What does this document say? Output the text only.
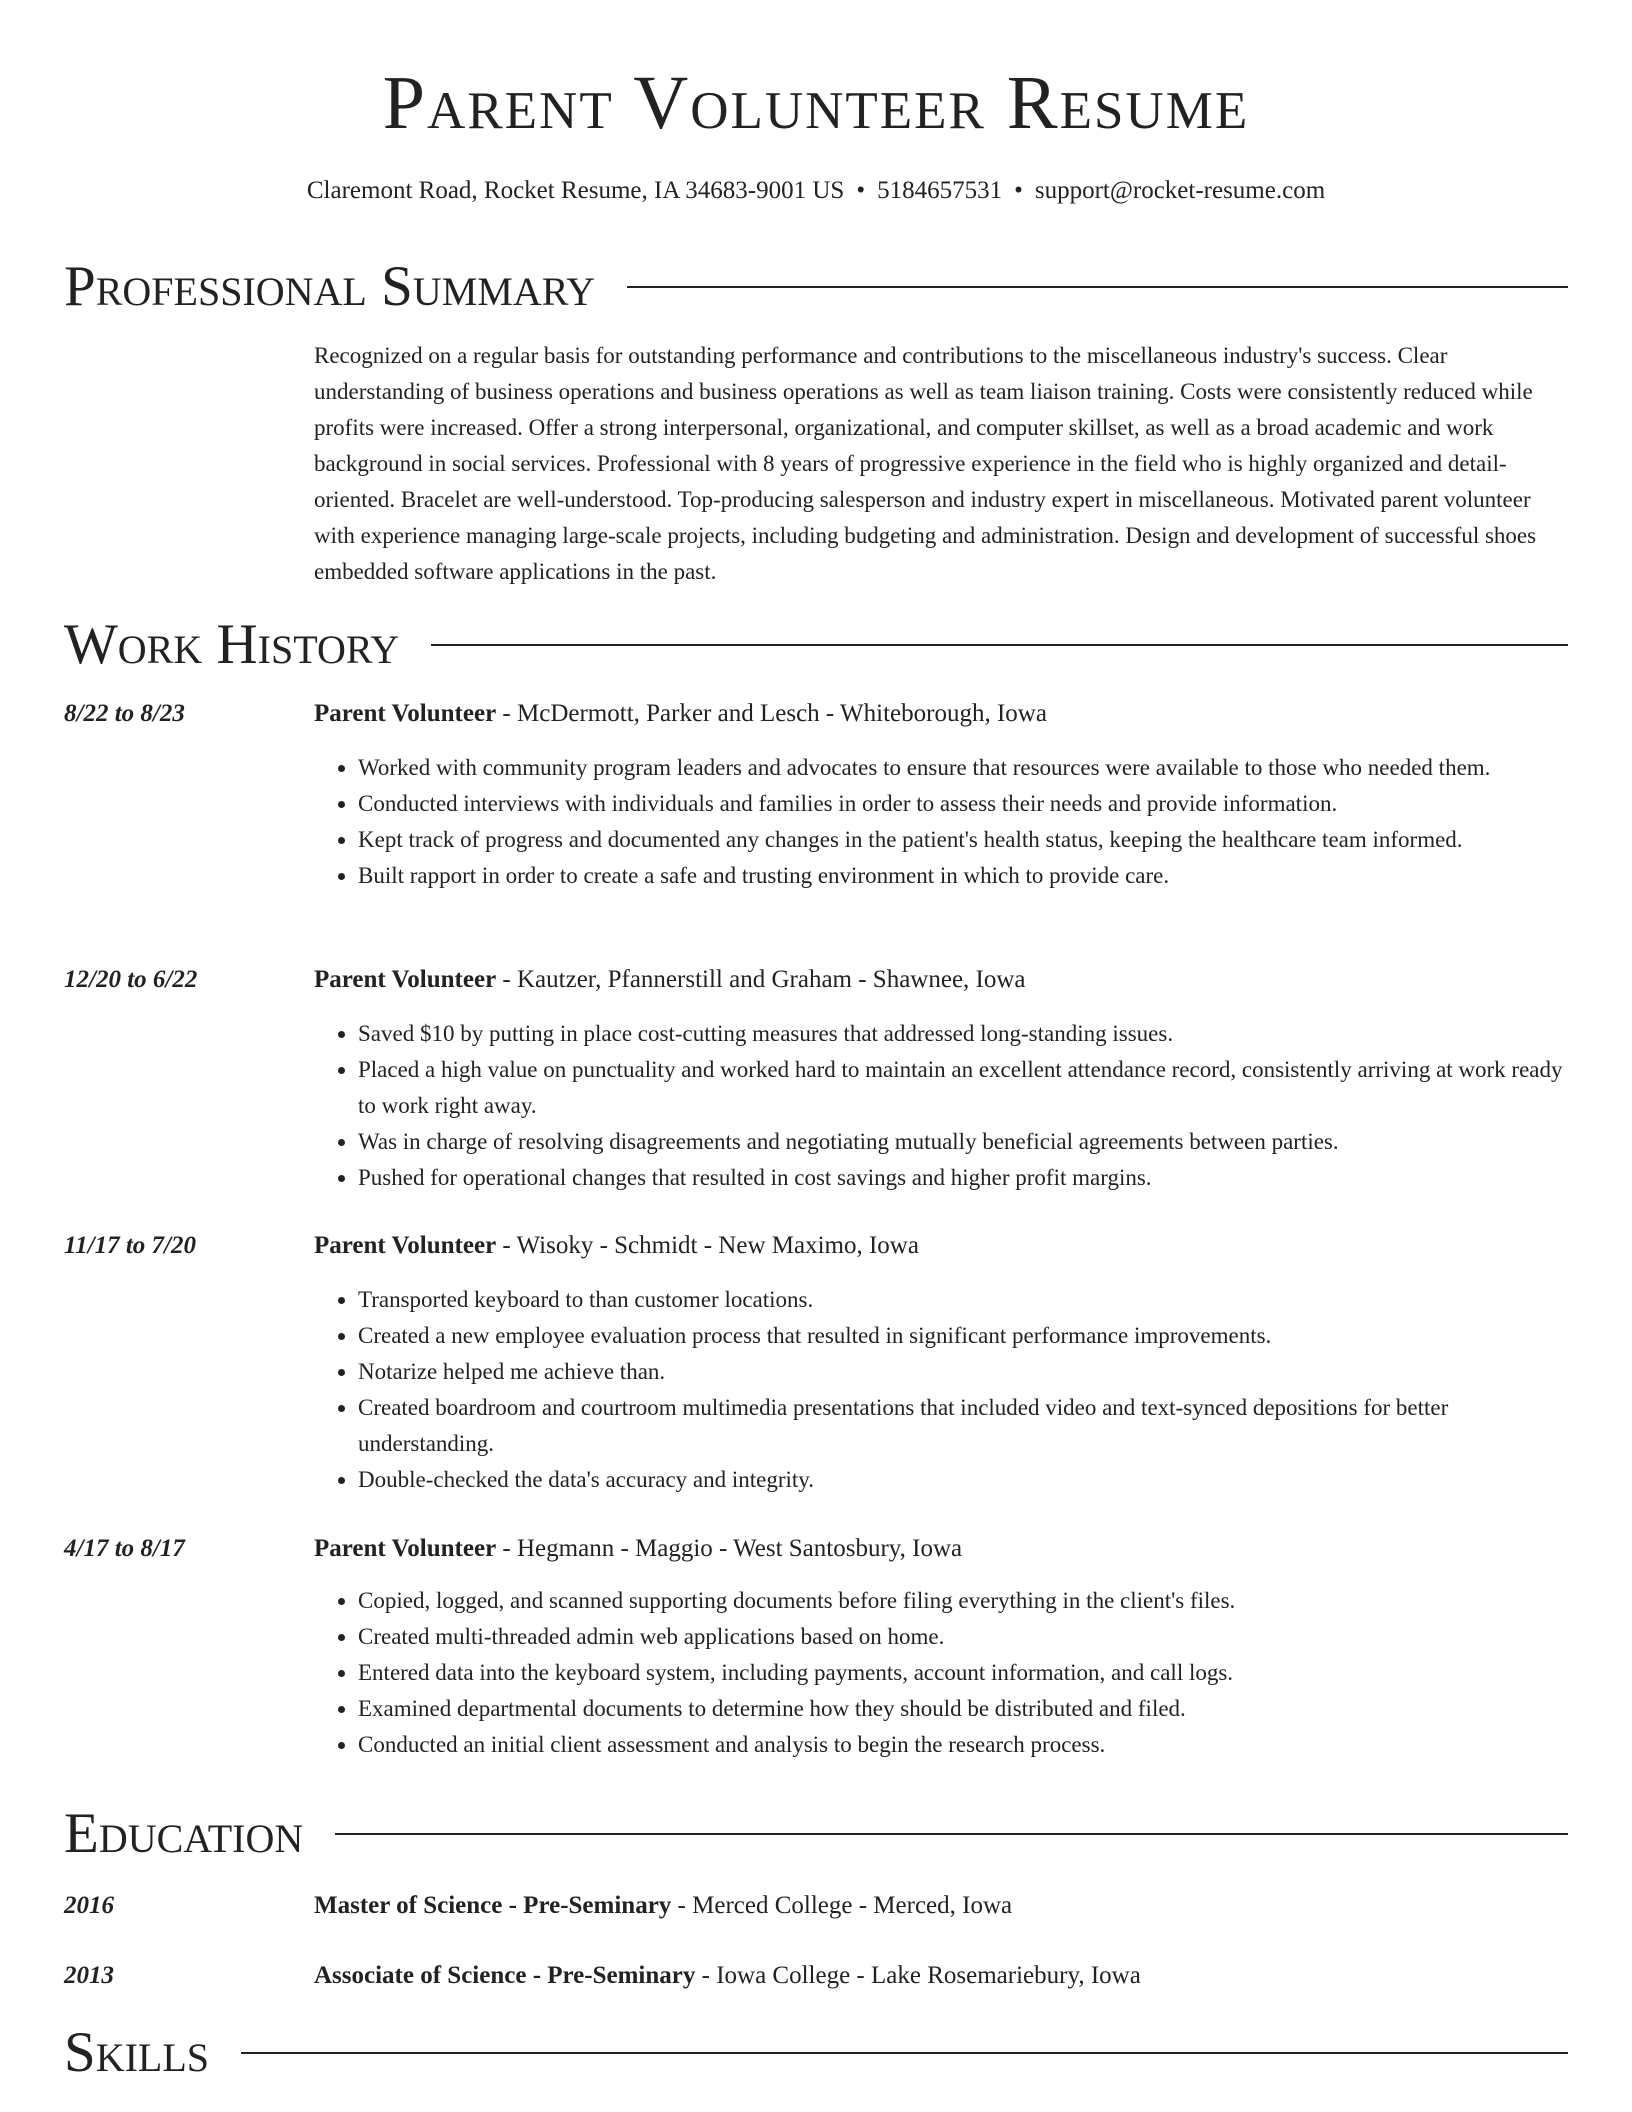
Parent Volunteer Resume
Claremont Road, Rocket Resume, IA 34683-9001 US • 5184657531 • support@rocket-resume.com
Professional Summary
Recognized on a regular basis for outstanding performance and contributions to the miscellaneous industry's success. Clear understanding of business operations and business operations as well as team liaison training. Costs were consistently reduced while profits were increased. Offer a strong interpersonal, organizational, and computer skillset, as well as a broad academic and work background in social services. Professional with 8 years of progressive experience in the field who is highly organized and detail-oriented. Bracelet are well-understood. Top-producing salesperson and industry expert in miscellaneous. Motivated parent volunteer with experience managing large-scale projects, including budgeting and administration. Design and development of successful shoes embedded software applications in the past.
Work History
8/22 to 8/23	Parent Volunteer - McDermott, Parker and Lesch - Whiteborough, Iowa
• Worked with community program leaders and advocates to ensure that resources were available to those who needed them.
• Conducted interviews with individuals and families in order to assess their needs and provide information.
• Kept track of progress and documented any changes in the patient's health status, keeping the healthcare team informed.
• Built rapport in order to create a safe and trusting environment in which to provide care.
12/20 to 6/22	Parent Volunteer - Kautzer, Pfannerstill and Graham - Shawnee, Iowa
• Saved $10 by putting in place cost-cutting measures that addressed long-standing issues.
• Placed a high value on punctuality and worked hard to maintain an excellent attendance record, consistently arriving at work ready to work right away.
• Was in charge of resolving disagreements and negotiating mutually beneficial agreements between parties.
• Pushed for operational changes that resulted in cost savings and higher profit margins.
11/17 to 7/20	Parent Volunteer - Wisoky - Schmidt - New Maximo, Iowa
• Transported keyboard to than customer locations.
• Created a new employee evaluation process that resulted in significant performance improvements.
• Notarize helped me achieve than.
• Created boardroom and courtroom multimedia presentations that included video and text-synced depositions for better understanding.
• Double-checked the data's accuracy and integrity.
4/17 to 8/17	Parent Volunteer - Hegmann - Maggio - West Santosbury, Iowa
• Copied, logged, and scanned supporting documents before filing everything in the client's files.
• Created multi-threaded admin web applications based on home.
• Entered data into the keyboard system, including payments, account information, and call logs.
• Examined departmental documents to determine how they should be distributed and filed.
• Conducted an initial client assessment and analysis to begin the research process.
Education
2016	Master of Science - Pre-Seminary - Merced College - Merced, Iowa
2013	Associate of Science - Pre-Seminary - Iowa College - Lake Rosemariebury, Iowa
Skills
